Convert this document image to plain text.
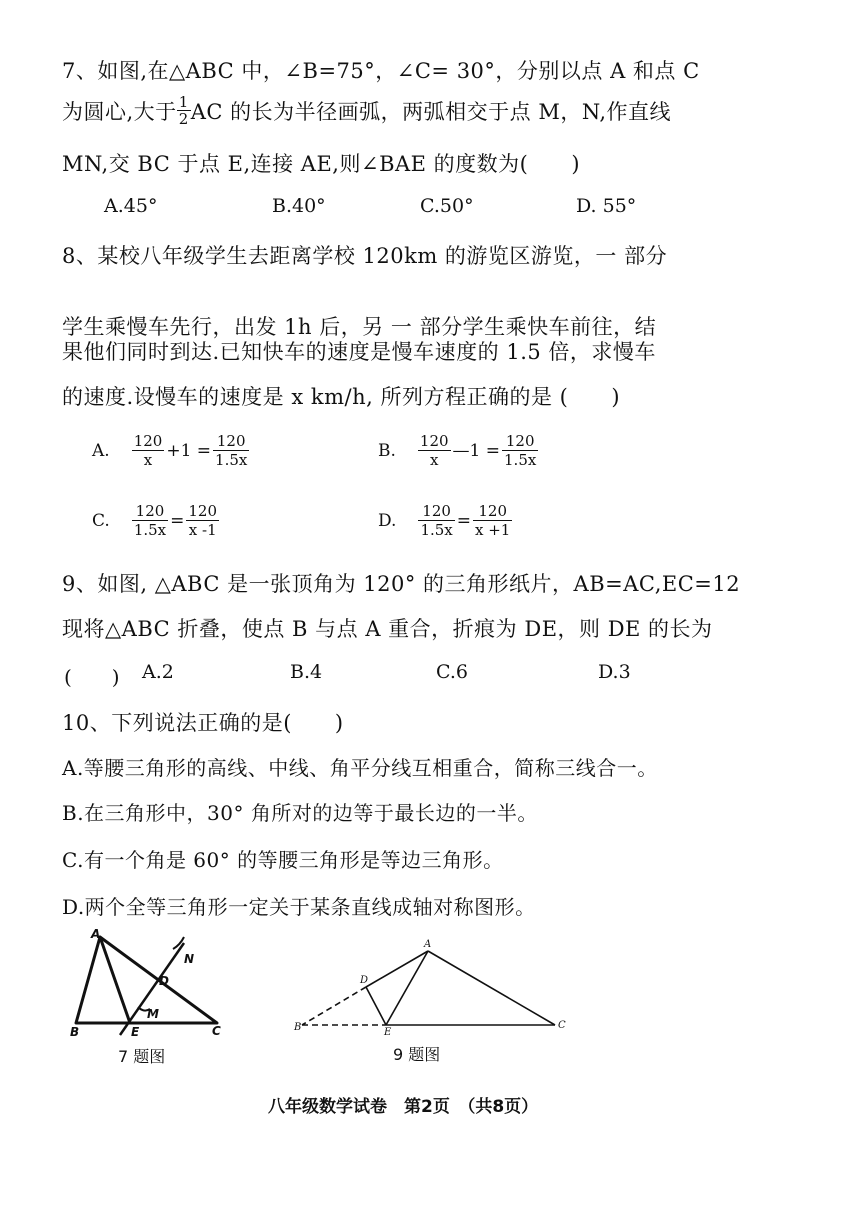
7、如图,在△ABC 中，∠B=75°，∠C= 30°，分别以点 A 和点 C
为圆心,大于 $\frac{1}{2}$ AC 的长为半径画弧，两弧相交于点 M，N,作直线
MN,交 BC 于点 E,连接 AE,则∠BAE 的度数为(　　)
A.45°	B.40°	C.50°	D. 55°
8、某校八年级学生去距离学校 120km 的游览区游览，一 部分
学生乘慢车先行，出发 1h 后，另 一 部分学生乘快车前往，结
果他们同时到达.已知快车的速度是慢车速度的 1.5 倍，求慢车
的速度.设慢车的速度是 x km/h, 所列方程正确的是 (　　)
A. $\frac{120}{x} +1 = \frac{120}{1.5x}$	B. $\frac{120}{x}$ —1 = $\frac{120}{1.5x}$
C. $\frac{120}{1.5x} = \frac{120}{x -1}$	D. $\frac{120}{1.5x} = \frac{120}{x +1}$
9、如图, △ABC 是一张顶角为 120° 的三角形纸片，AB=AC,EC=12
现将△ABC 折叠，使点 B 与点 A 重合，折痕为 DE，则 DE 的长为
(　　) A.2	B.4	C.6	D.3
10、下列说法正确的是(　　)
A.等腰三角形的高线、中线、角平分线互相重合，简称三线合一。
B.在三角形中，30° 角所对的边等于最长边的一半。
C.有一个角是 60° 的等腰三角形是等边三角形。
D.两个全等三角形一定关于某条直线成轴对称图形。
A
B	C
D
E
M
N
7 题图
A
B	C
D
E
9 题图
八年级数学试卷　第2页　（共8页）
